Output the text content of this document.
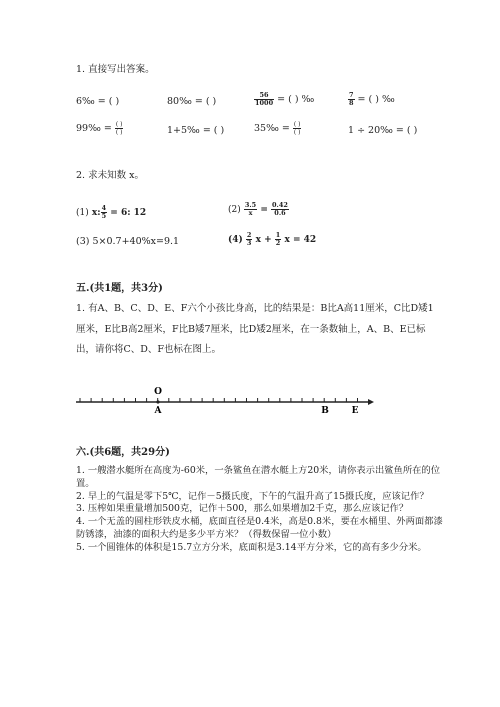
1. 直接写出答案。
6‰ = ( )	80‰ = ( )	$\frac{56}{1000}$ = ( ) ‰	$\frac{7}{8}$ = ( ) ‰
99‰ = $\frac{( )}{( )}$	1+5‰ = ( )	35‰ = $\frac{( )}{( )}$	1 ÷ 20‰ = ( )
2. 求未知数 x。
(1) x: $\frac{4}{5} = 6$: 12	$(2) \frac{3.5}{x} = \frac{0.42}{0.6}$
(3) 5×0.7+40%x=9.1	$(4) \frac{2}{3}$ $x + \frac{1}{2}$ x = 42
五.(共1题，共3分)
1. 有A、B、C、D、E、F六个小孩比身高，比的结果是：B比A高11厘米，C比D矮1厘米，E比B高2厘米，F比B矮7厘米，比D矮2厘米，在一条数轴上，A、B、E已标出，请你将C、D、F也标在图上。
O
A	B	E
六.(共6题，共29分)
1. 一艘潜水艇所在高度为-60米，一条鲨鱼在潜水艇上方20米，请你表示出鲨鱼所在的位置。
2. 早上的气温是零下5℃，记作－5摄氏度，下午的气温升高了15摄氏度，应该记作？
3. 压榨如果重量增加500克，记作＋500，那么如果增加2千克，那么应该记作？
4. 一个无盖的圆柱形铁皮水桶，底面直径是0.4米，高是0.8米，要在水桶里、外两面都漆防锈漆，油漆的面积大约是多少平方米？（得数保留一位小数）
5. 一个圆锥体的体积是15.7立方分米，底面积是3.14平方分米，它的高有多少分米。
